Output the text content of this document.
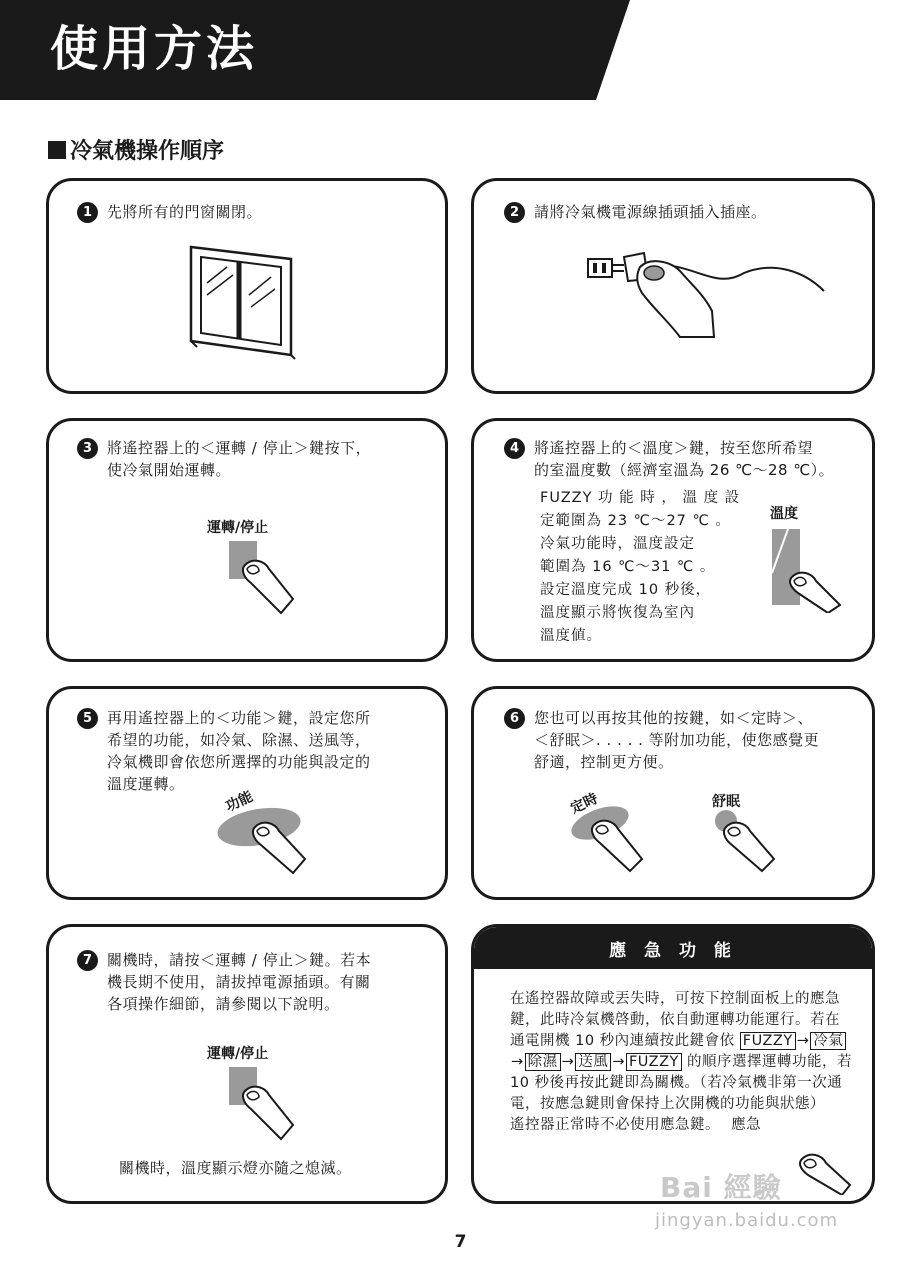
使用方法
冷氣機操作順序
1 先將所有的門窗關閉。	2 請將冷氣機電源線插頭插入插座。
3 將遙控器上的＜運轉 / 停止＞鍵按下，
使冷氣開始運轉。
運轉/停止
4 將遙控器上的＜溫度＞鍵，按至您所希望
的室溫度數（經濟室溫為 26 ℃～28 ℃）。
FUZZY 功 能 時 ， 溫 度 設
定範圍為 23 ℃～27 ℃ 。
冷氣功能時，溫度設定
範圍為 16 ℃～31 ℃ 。
設定溫度完成 10 秒後，
溫度顯示將恢復為室內
溫度値。
溫度
5 再用遙控器上的＜功能＞鍵，設定您所
希望的功能，如冷氣、除濕、送風等，
冷氣機即會依您所選擇的功能與設定的
溫度運轉。
功能
6 您也可以再按其他的按鍵，如＜定時＞、
＜舒眠＞. . . . . 等附加功能，使您感覺更
舒適，控制更方便。
定時	舒眠
7 關機時，請按＜運轉 / 停止＞鍵。若本
機長期不使用，請拔掉電源插頭。有關
各項操作細節，請參閱以下說明。
運轉/停止
關機時，溫度顯示燈亦隨之熄滅。
應 急 功 能
在遙控器故障或丟失時，可按下控制面板上的應急鍵，此時冷氣機啓動，依自動運轉功能運行。若在通電開機 10 秒內連續按此鍵會依 FUZZY → 冷氣→ 除濕 → 送風 → FUZZY 的順序選擇運轉功能，若 10 秒後再按此鍵即為關機。（若冷氣機非第一次通電，按應急鍵則會保持上次開機的功能與狀態）
遙控器正常時不必使用應急鍵。 應急
Bai 經驗
jingyan.baidu.com
7
